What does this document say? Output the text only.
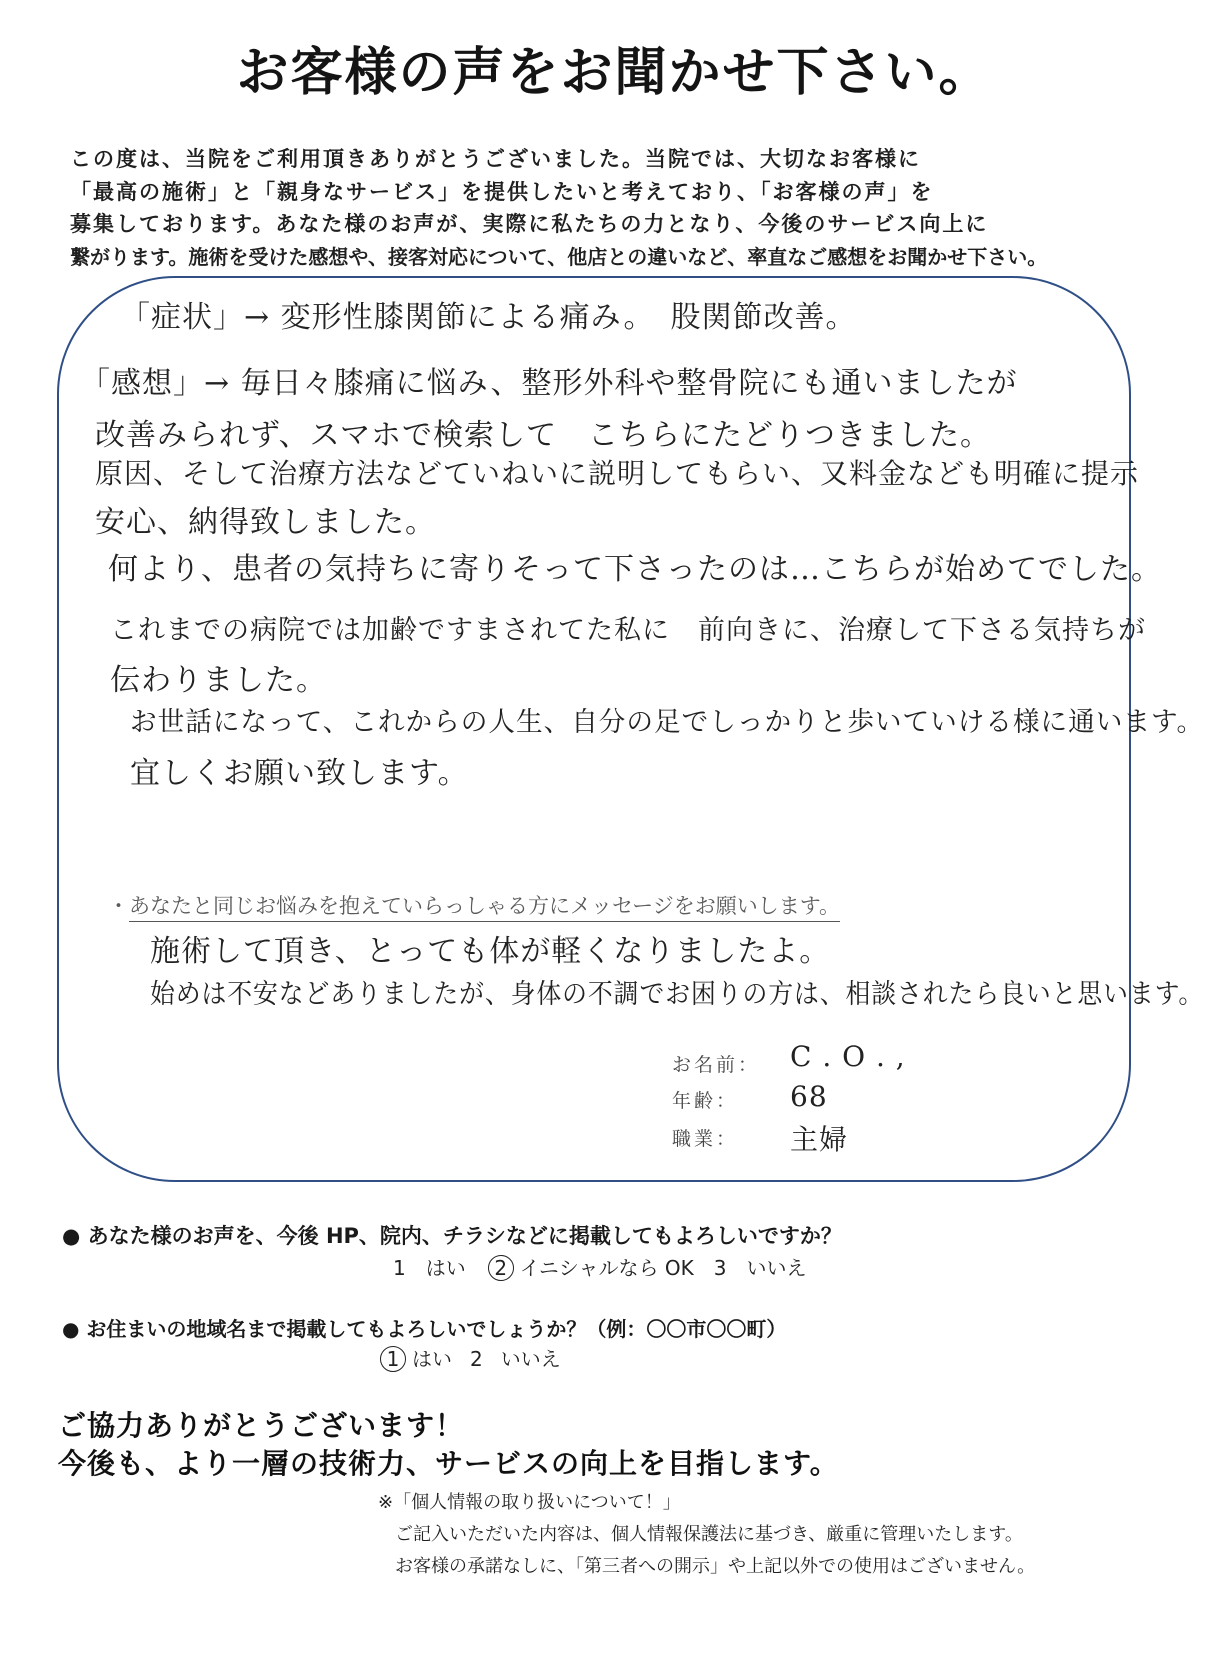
お客様の声をお聞かせ下さい。
この度は、当院をご利用頂きありがとうございました。当院では、大切なお客様に
「最高の施術」と「親身なサービス」を提供したいと考えており、「お客様の声」を
募集しております。あなた様のお声が、実際に私たちの力となり、今後のサービス向上に
繋がります。施術を受けた感想や、接客対応について、他店との違いなど、率直なご感想をお聞かせ下さい。
「症状」→ 変形性膝関節による痛み。　股関節改善。
「感想」→ 毎日々膝痛に悩み、整形外科や整骨院にも通いましたが
改善みられず、スマホで検索して　こちらにたどりつきました。
原因、そして治療方法などていねいに説明してもらい、又料金なども明確に提示
安心、納得致しました。
何より、患者の気持ちに寄りそって下さったのは…こちらが始めてでした。
これまでの病院では加齢ですまされてた私に　前向きに、治療して下さる気持ちが
伝わりました。
お世話になって、これからの人生、自分の足でしっかりと歩いていける様に通います。
宜しくお願い致します。
・あなたと同じお悩みを抱えていらっしゃる方にメッセージをお願いします。
施術して頂き、とっても体が軽くなりましたよ。
始めは不安などありましたが、身体の不調でお困りの方は、相談されたら良いと思います。
お名前： C . O . ,
年齢： 68
職業： 主婦
● あなた様のお声を、今後 HP、院内、チラシなどに掲載してもよろしいですか？
1 はい 2 イニシャルなら OK 3 いいえ
● お住まいの地域名まで掲載してもよろしいでしょうか？（例：〇〇市〇〇町）
1 はい 2 いいえ
ご協力ありがとうございます！
今後も、より一層の技術力、サービスの向上を目指します。
※「個人情報の取り扱いについて！」
ご記入いただいた内容は、個人情報保護法に基づき、厳重に管理いたします。
お客様の承諾なしに、「第三者への開示」や上記以外での使用はございません。
